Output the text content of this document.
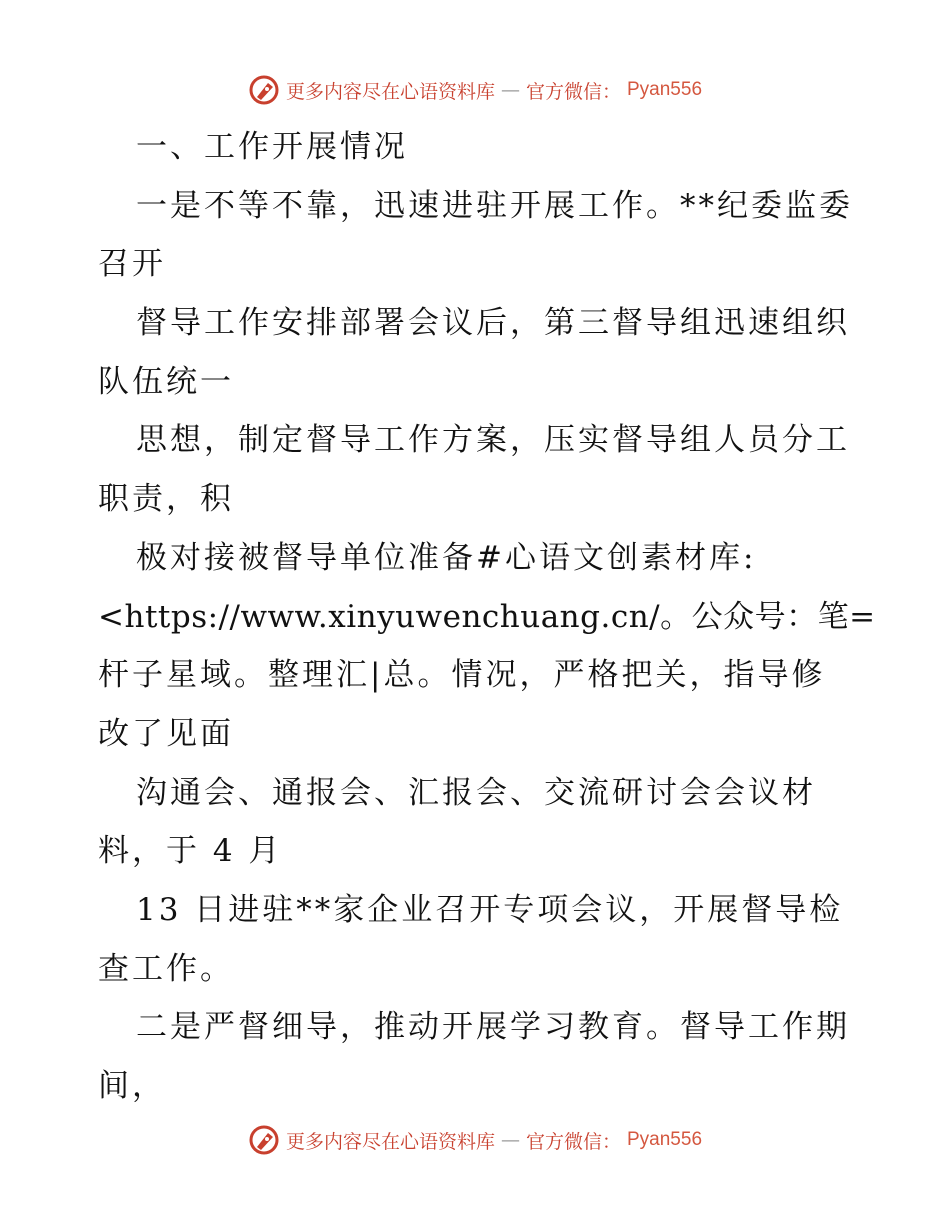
更多内容尽在心语资料库 — 官方微信： Pyan556
一、工作开展情况
一是不等不靠，迅速进驻开展工作。**纪委监委
召开
督导工作安排部署会议后，第三督导组迅速组织
队伍统一
思想，制定督导工作方案，压实督导组人员分工
职责，积
极对接被督导单位准备#心语文创素材库:
<https://www.xinyuwenchuang.cn/。公众号：笔=
杆子星域。整理汇|总。情况，严格把关，指导修
改了见面
沟通会、通报会、汇报会、交流研讨会会议材
料，于 4 月
13 日进驻**家企业召开专项会议，开展督导检
查工作。
二是严督细导，推动开展学习教育。督导工作期
间，
更多内容尽在心语资料库 — 官方微信： Pyan556
